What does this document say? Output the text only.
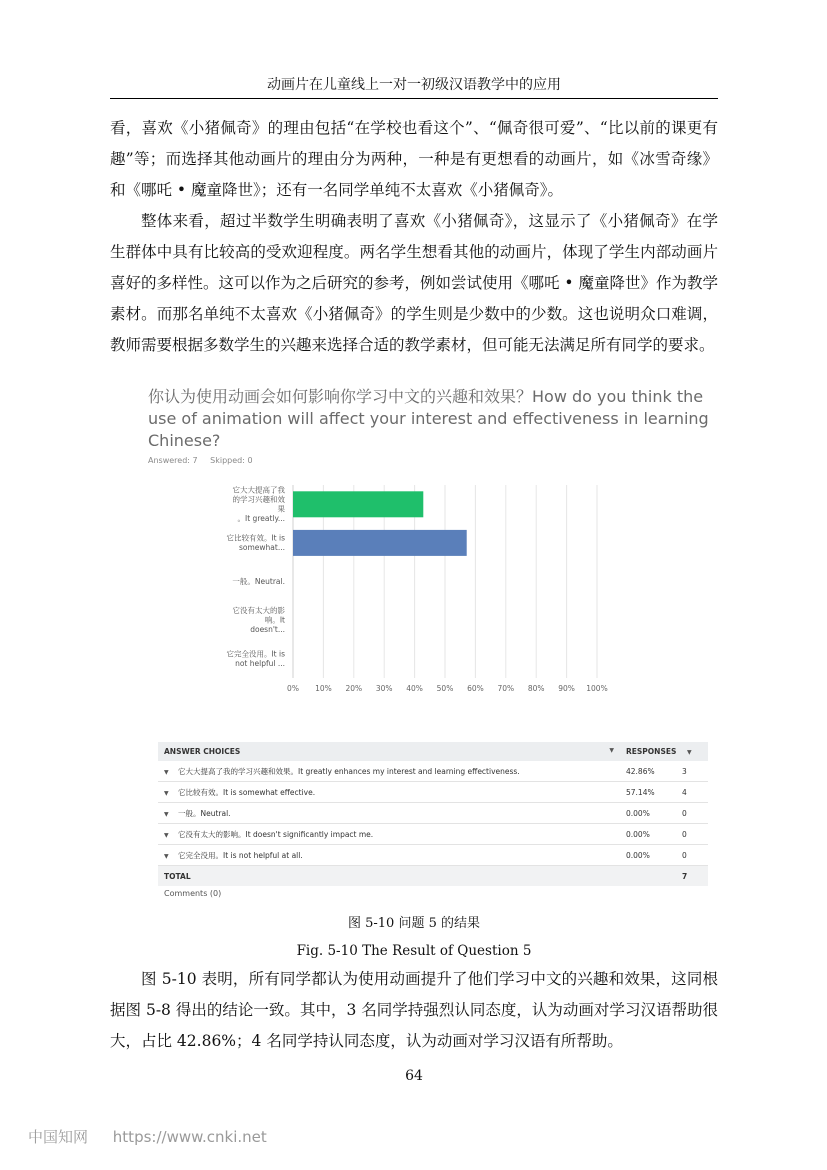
动画片在儿童线上一对一初级汉语教学中的应用

看，喜欢《小猪佩奇》的理由包括“在学校也看这个”、“佩奇很可爱”、“比以前的课更有趣”等；而选择其他动画片的理由分为两种，一种是有更想看的动画片，如《冰雪奇缘》和《哪吒 • 魔童降世》；还有一名同学单纯不太喜欢《小猪佩奇》。

整体来看，超过半数学生明确表明了喜欢《小猪佩奇》，这显示了《小猪佩奇》在学生群体中具有比较高的受欢迎程度。两名学生想看其他的动画片，体现了学生内部动画片喜好的多样性。这可以作为之后研究的参考，例如尝试使用《哪吒 • 魔童降世》作为教学素材。而那名单纯不太喜欢《小猪佩奇》的学生则是少数中的少数。这也说明众口难调，教师需要根据多数学生的兴趣来选择合适的教学素材，但可能无法满足所有同学的要求。

你认为使用动画会如何影响你学习中文的兴趣和效果？How do you think the use of animation will affect your interest and effectiveness in learning Chinese?

Answered: 7 Skipped: 0
0% 10% 20% 30% 40% 50% 60% 70% 80% 90% 100%
它大大提高了我
的学习兴趣和效
果
。It greatly...
它比较有效。It is
somewhat...
一般。Neutral.
它没有太大的影
响。It
doesn't...
它完全没用。It is
not helpful ...
ANSWER CHOICES	▼ RESPONSES ▼
▼ 它大大提高了我的学习兴趣和效果。It greatly enhances my interest and learning effectiveness.	42.86%	3
▼ 它比较有效。It is somewhat effective.	57.14%	4
▼ 一般。Neutral.	0.00%	0
▼ 它没有太大的影响。It doesn't significantly impact me.	0.00%	0
▼ 它完全没用。It is not helpful at all.	0.00%	0
TOTAL	7
Comments (0)
图 5-10 问题 5 的结果
Fig. 5-10 The Result of Question 5

图 5-10 表明，所有同学都认为使用动画提升了他们学习中文的兴趣和效果，这同根据图 5-8 得出的结论一致。其中，3 名同学持强烈认同态度，认为动画对学习汉语帮助很大，占比 42.86%；4 名同学持认同态度，认为动画对学习汉语有所帮助。

64
中国知网 https://www.cnki.net
